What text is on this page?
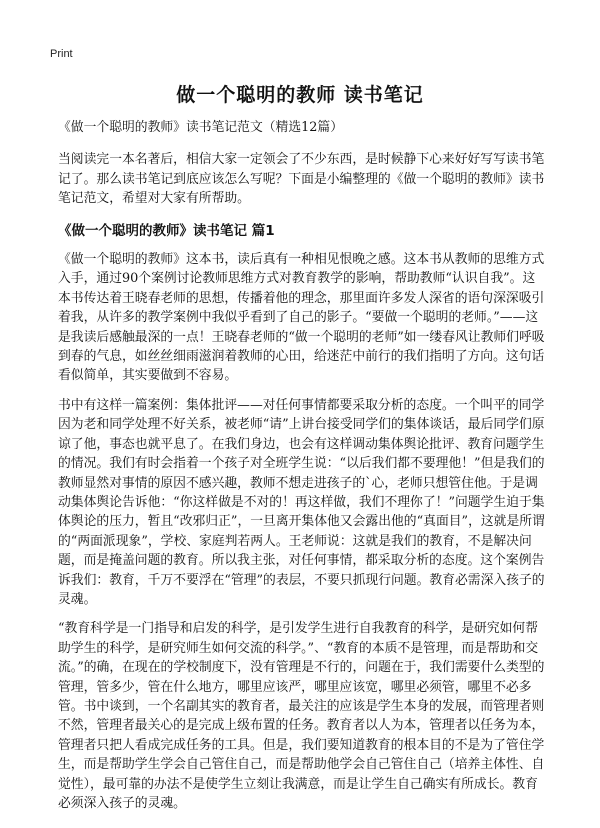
Print
做一个聪明的教师 读书笔记

《做一个聪明的教师》读书笔记范文（精选12篇）

当阅读完一本名著后，相信大家一定领会了不少东西，是时候静下心来好好写写读书笔记了。那么读书笔记到底应该怎么写呢？下面是小编整理的《做一个聪明的教师》读书笔记范文，希望对大家有所帮助。

《做一个聪明的教师》读书笔记 篇1

《做一个聪明的教师》这本书，读后真有一种相见恨晚之感。这本书从教师的思维方式入手，通过90个案例讨论教师思维方式对教育教学的影响，帮助教师“认识自我”。这本书传达着王晓春老师的思想，传播着他的理念，那里面许多发人深省的语句深深吸引着我，从许多的教学案例中我似乎看到了自己的影子。“要做一个聪明的老师。”——这是我读后感触最深的一点！王晓春老师的“做一个聪明的老师”如一缕春风让教师们呼吸到春的气息，如丝丝细雨滋润着教师的心田，给迷茫中前行的我们指明了方向。这句话看似简单，其实要做到不容易。

书中有这样一篇案例：集体批评——对任何事情都要采取分析的态度。一个叫平的同学因为老和同学处理不好关系，被老师“请”上讲台接受同学们的集体谈话，最后同学们原谅了他，事态也就平息了。在我们身边，也会有这样调动集体舆论批评、教育问题学生的情况。我们有时会指着一个孩子对全班学生说：“以后我们都不要理他！”但是我们的教师显然对事情的原因不感兴趣，教师不想走进孩子的`心，老师只想管住他。于是调动集体舆论告诉他：“你这样做是不对的！再这样做，我们不理你了！”问题学生迫于集体舆论的压力，暂且“改邪归正”，一旦离开集体他又会露出他的“真面目”，这就是所谓的“两面派现象”，学校、家庭判若两人。王老师说：这就是我们的教育，不是解决问题，而是掩盖问题的教育。所以我主张，对任何事情，都采取分析的态度。这个案例告诉我们：教育，千万不要浮在“管理”的表层，不要只抓现行问题。教育必需深入孩子的灵魂。

“教育科学是一门指导和启发的科学，是引发学生进行自我教育的科学，是研究如何帮助学生的科学，是研究师生如何交流的科学。”、“教育的本质不是管理，而是帮助和交流。”的确，在现在的学校制度下，没有管理是不行的，问题在于，我们需要什么类型的管理，管多少，管在什么地方，哪里应该严，哪里应该宽，哪里必须管，哪里不必多管。书中谈到，一个名副其实的教育者，最关注的应该是学生本身的发展，而管理者则不然，管理者最关心的是完成上级布置的任务。教育者以人为本，管理者以任务为本，管理者只把人看成完成任务的工具。但是，我们要知道教育的根本目的不是为了管住学生，而是帮助学生学会自己管住自己，而是帮助他学会自己管住自己（培养主体性、自觉性），最可靠的办法不是使学生立刻让我满意，而是让学生自己确实有所成长。教育必须深入孩子的灵魂。
